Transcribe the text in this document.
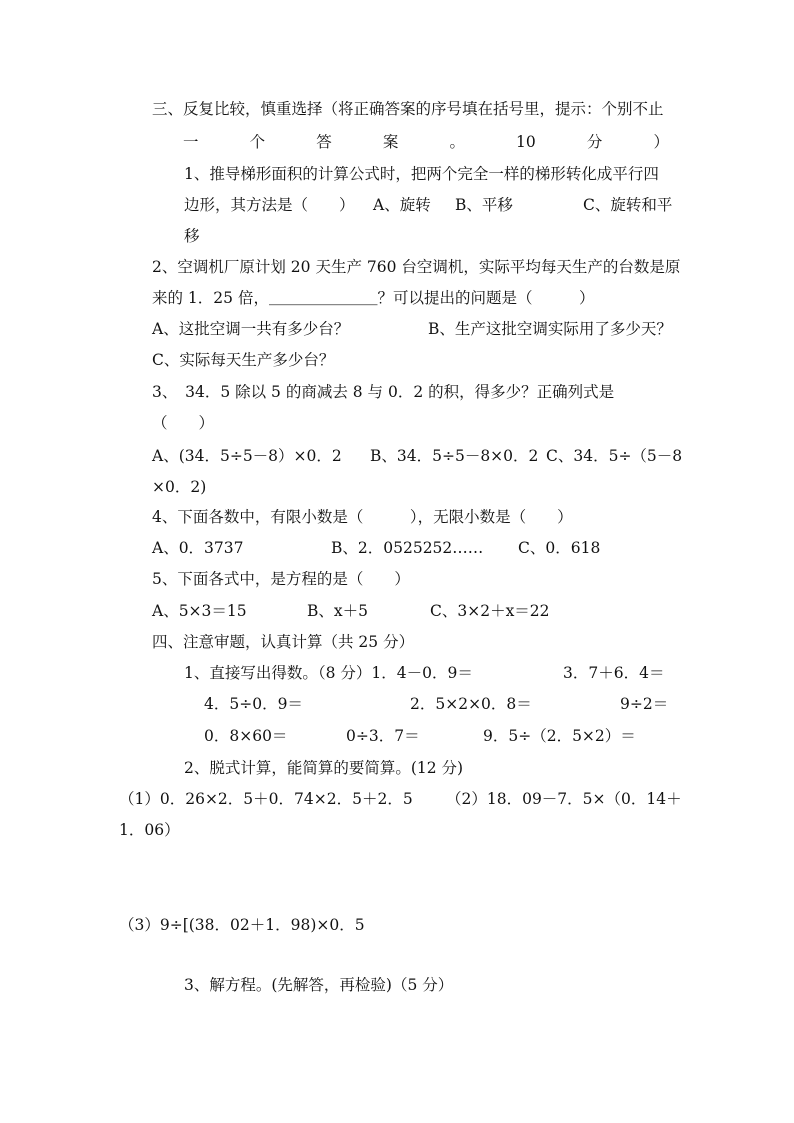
三、反复比较，慎重选择（将正确答案的序号填在括号里，提示：个别不止
一	个	答	案	。	10	分	）
1、推导梯形面积的计算公式时，把两个完全一样的梯形转化成平行四
边形，其方法是（　　） A、旋转 B、平移	C、旋转和平
移
2、空调机厂原计划 20 天生产 760 台空调机，实际平均每天生产的台数是原
来的 1．25 倍，＿＿＿＿＿＿＿？可以提出的问题是（　　　）
A、这批空调一共有多少台？	B、生产这批空调实际用了多少天？
C、实际每天生产多少台？
3、　34．5 除以 5 的商减去 8 与 0．2 的积，得多少？正确列式是
（　　）
A、(34．5÷5－8）×0．2 B、34．5÷5－8×0．2 C、34．5÷（5－8
×0．2)
4、下面各数中，有限小数是（　　　），无限小数是（　　）
A、0．3737	B、2．0525252…… C、0．618
5、下面各式中，是方程的是（　　）
A、5×3＝15	B、x＋5	C、3×2＋x＝22
四、注意审题，认真计算（共 25 分）
1、直接写出得数。（8 分）1．4－0．9＝	3．7＋6．4＝
4．5÷0．9＝	2．5×2×0．8＝	9÷2＝
0．8×60＝	0÷3．7＝	9．5÷（2．5×2）＝
2、脱式计算，能简算的要简算。(12 分)
（1）0．26×2．5＋0．74×2．5＋2．5 （2）18．09－7．5×（0．14＋
1．06）
（3）9÷[(38．02＋1．98)×0．5
3、解方程。(先解答，再检验)（5 分）
